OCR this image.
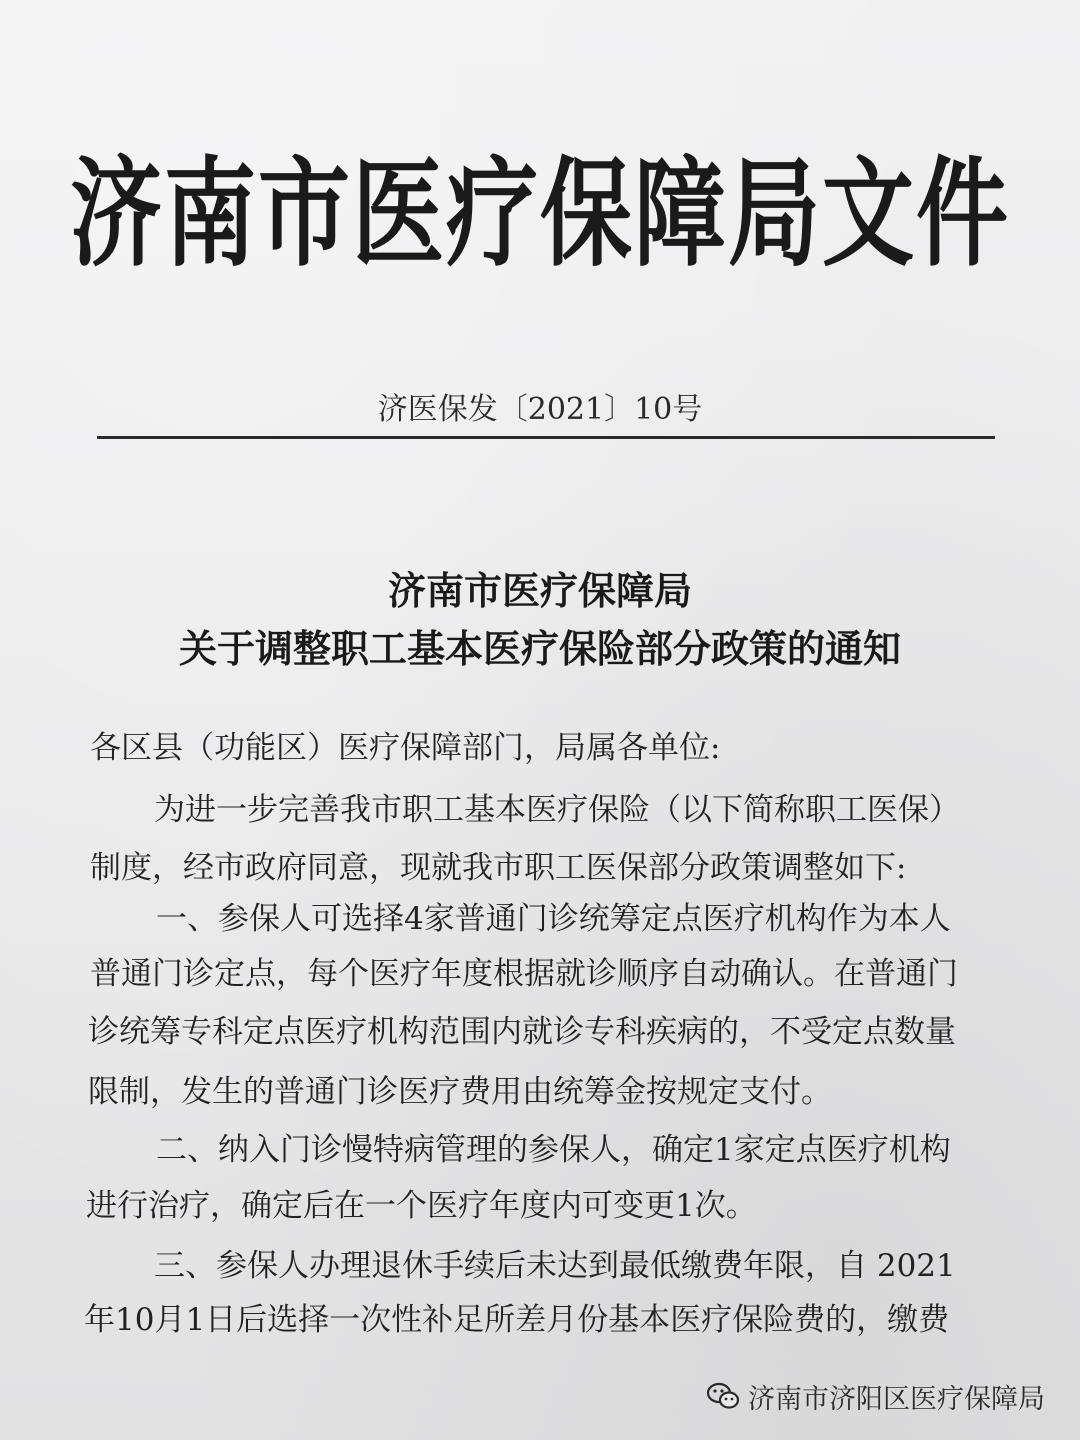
济南市医疗保障局文件
济医保发〔2021〕10号
济南市医疗保障局
关于调整职工基本医疗保险部分政策的通知
各区县（功能区）医疗保障部门，局属各单位:
为进一步完善我市职工基本医疗保险（以下简称职工医保）
制度，经市政府同意，现就我市职工医保部分政策调整如下:
一、参保人可选择4家普通门诊统筹定点医疗机构作为本人
普通门诊定点，每个医疗年度根据就诊顺序自动确认。在普通门
诊统筹专科定点医疗机构范围内就诊专科疾病的，不受定点数量
限制，发生的普通门诊医疗费用由统筹金按规定支付。
二、纳入门诊慢特病管理的参保人，确定1家定点医疗机构
进行治疗，确定后在一个医疗年度内可变更1次。
三、参保人办理退休手续后未达到最低缴费年限，自 2021
年10月1日后选择一次性补足所差月份基本医疗保险费的，缴费
济南市济阳区医疗保障局
